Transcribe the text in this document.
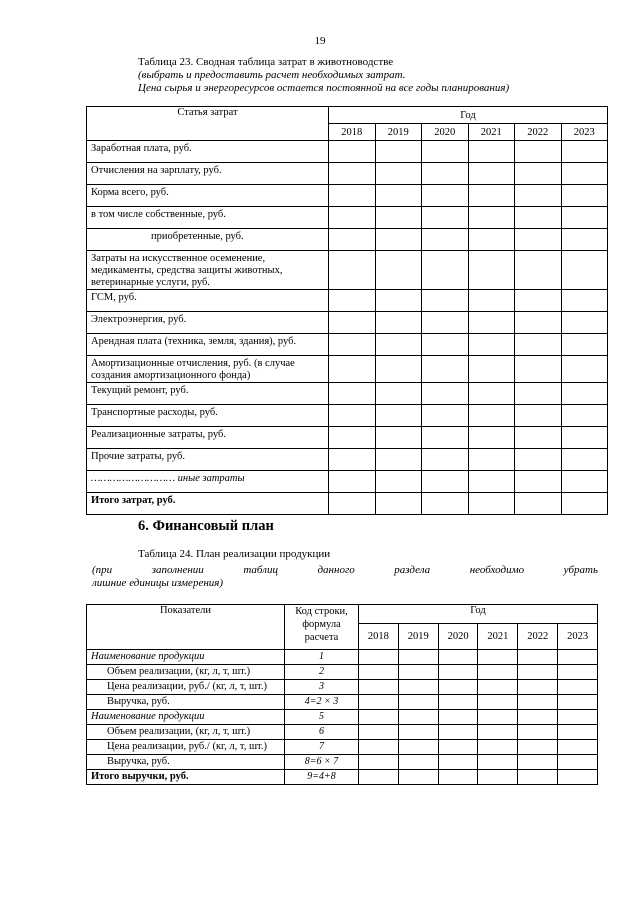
19
Таблица 23. Сводная таблица затрат в животноводстве
(выбрать и предоставить расчет необходимых затрат.
Цена сырья и энергоресурсов остается постоянной на все годы планирования)
Статья затрат	Год					
	2018	2019	2020	2021	2022	2023
Заработная плата, руб.						
Отчисления на зарплату, руб.						
Корма всего, руб.						
в том числе собственные, руб.						
приобретенные, руб.						
Затраты на искусственное осеменение, медикаменты, средства защиты животных, ветеринарные услуги, руб.						
ГСМ, руб.						
Электроэнергия, руб.						
Арендная плата (техника, земля, здания), руб.						
Амортизационные отчисления, руб. (в случае создания амортизационного фонда)						
Текущий ремонт, руб.						
Транспортные расходы, руб.						
Реализационные затраты, руб.						
Прочие затраты, руб.						
……………………… иные затраты						
Итого затрат, руб.						
6. Финансовый план
Таблица 24. План реализации продукции
(при заполнении таблиц данного раздела необходимо убрать
лишние единицы измерения)
Показатели	Код строки, формула расчета	Год					
		2018	2019	2020	2021	2022	2023
Наименование продукции	1						
Объем реализации, (кг, л, т, шт.)	2						
Цена реализации, руб./ (кг, л, т, шт.)	3						
Выручка, руб.	4=2 × 3						
Наименование продукции	5						
Объем реализации, (кг, л, т, шт.)	6						
Цена реализации, руб./ (кг, л, т, шт.)	7						
Выручка, руб.	8=6 × 7						
Итого выручки, руб.	9=4+8						
